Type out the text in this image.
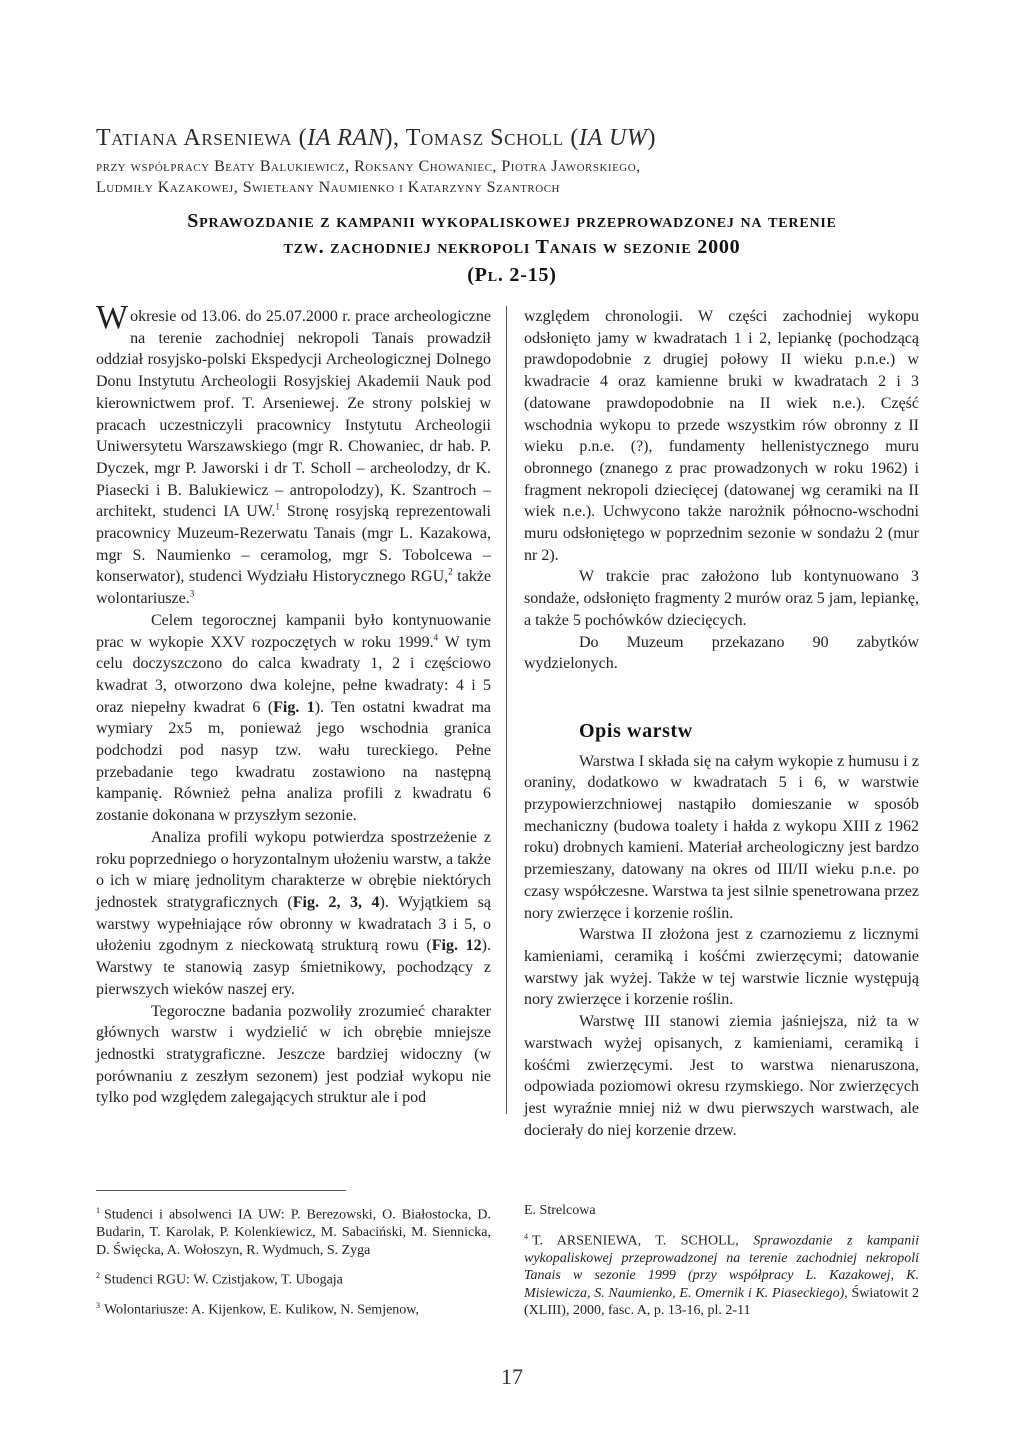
Tatiana Arseniewa (IA RAN), Tomasz Scholl (IA UW)
przy współpracy Beaty Balukiewicz, Roksany Chowaniec, Piotra Jaworskiego,
Ludmiły Kazakowej, Swietłany Naumienko i Katarzyny Szantroch
Sprawozdanie z kampanii wykopaliskowej przeprowadzonej na terenie
tzw. zachodniej nekropoli Tanais w sezonie 2000
(Pl. 2-15)

W okresie od 13.06. do 25.07.2000 r. prace archeologiczne na terenie zachodniej nekropoli Tanais prowadził oddział rosyjsko-polski Ekspedycji Archeologicznej Dolnego Donu Instytutu Archeologii Rosyjskiej Akademii Nauk pod kierownictwem prof. T. Arseniewej. Ze strony polskiej w pracach uczestniczyli pracownicy Instytutu Archeologii Uniwersytetu Warszawskiego (mgr R. Chowaniec, dr hab. P. Dyczek, mgr P. Jaworski i dr T. Scholl – archeolodzy, dr K. Piasecki i B. Balukiewicz – antropolodzy), K. Szantroch – architekt, studenci IA UW.$^1$ Stronę rosyjską reprezentowali pracownicy Muzeum-Rezerwatu Tanais (mgr L. Kazakowa, mgr S. Naumienko – ceramolog, mgr S. Tobolcewa – konserwator), studenci Wydziału Historycznego RGU,$^2$ także wolontariusze.$^3$

Celem tegorocznej kampanii było kontynuowanie prac w wykopie XXV rozpoczętych w roku 1999.$^4$ W tym celu doczyszczono do calca kwadraty 1, 2 i częściowo kwadrat 3, otworzono dwa kolejne, pełne kwadraty: 4 i 5 oraz niepełny kwadrat 6 (Fig. 1). Ten ostatni kwadrat ma wymiary 2x5 m, ponieważ jego wschodnia granica podchodzi pod nasyp tzw. wału tureckiego. Pełne przebadanie tego kwadratu zostawiono na następną kampanię. Również pełna analiza profili z kwadratu 6 zostanie dokonana w przyszłym sezonie.

Analiza profili wykopu potwierdza spostrzeżenie z roku poprzedniego o horyzontalnym ułożeniu warstw, a także o ich w miarę jednolitym charakterze w obrębie niektórych jednostek stratygraficznych (Fig. 2, 3, 4). Wyjątkiem są warstwy wypełniające rów obronny w kwadratach 3 i 5, o ułożeniu zgodnym z nieckowatą strukturą rowu (Fig. 12). Warstwy te stanowią zasyp śmietnikowy, pochodzący z pierwszych wieków naszej ery.

Tegoroczne badania pozwoliły zrozumieć charakter głównych warstw i wydzielić w ich obrębie mniejsze jednostki stratygraficzne. Jeszcze bardziej widoczny (w porównaniu z zeszłym sezonem) jest podział wykopu nie tylko pod względem zalegających struktur ale i pod

względem chronologii. W części zachodniej wykopu odsłonięto jamy w kwadratach 1 i 2, lepiankę (pochodzącą prawdopodobnie z drugiej połowy II wieku p.n.e.) w kwadracie 4 oraz kamienne bruki w kwadratach 2 i 3 (datowane prawdopodobnie na II wiek n.e.). Część wschodnia wykopu to przede wszystkim rów obronny z II wieku p.n.e. (?), fundamenty hellenistycznego muru obronnego (znanego z prac prowadzonych w roku 1962) i fragment nekropoli dziecięcej (datowanej wg ceramiki na II wiek n.e.). Uchwycono także narożnik północno-wschodni muru odsłoniętego w poprzednim sezonie w sondażu 2 (mur nr 2).

W trakcie prac założono lub kontynuowano 3 sondaże, odsłonięto fragmenty 2 murów oraz 5 jam, lepiankę, a także 5 pochówków dziecięcych.

Do Muzeum przekazano 90 zabytków wydzielonych.

Opis warstw

Warstwa I składa się na całym wykopie z humusu i z oraniny, dodatkowo w kwadratach 5 i 6, w warstwie przypowierzchniowej nastąpiło domieszanie w sposób mechaniczny (budowa toalety i hałda z wykopu XIII z 1962 roku) drobnych kamieni. Materiał archeologiczny jest bardzo przemieszany, datowany na okres od III/II wieku p.n.e. po czasy współczesne. Warstwa ta jest silnie spenetrowana przez nory zwierzęce i korzenie roślin.

Warstwa II złożona jest z czarnoziemu z licznymi kamieniami, ceramiką i kośćmi zwierzęcymi; datowanie warstwy jak wyżej. Także w tej warstwie licznie występują nory zwierzęce i korzenie roślin.

Warstwę III stanowi ziemia jaśniejsza, niż ta w warstwach wyżej opisanych, z kamieniami, ceramiką i kośćmi zwierzęcymi. Jest to warstwa nienaruszona, odpowiada poziomowi okresu rzymskiego. Nor zwierzęcych jest wyraźnie mniej niż w dwu pierwszych warstwach, ale docierały do niej korzenie drzew.

$^1$ Studenci i absolwenci IA UW: P. Berezowski, O. Białostocka, D. Budarin, T. Karolak, P. Kolenkiewicz, M. Sabaciński, M. Siennicka, D. Święcka, A. Wołoszyn, R. Wydmuch, S. Zyga

$^2$ Studenci RGU: W. Czistjakow, T. Ubogaja

$^3$ Wolontariusze: A. Kijenkow, E. Kulikow, N. Semjenow,

E. Strelcowa

$^4$ T. ARSENIEWA, T. SCHOLL, Sprawozdanie z kampanii wykopaliskowej przeprowadzonej na terenie zachodniej nekropoli Tanais w sezonie 1999 (przy współpracy L. Kazakowej, K. Misiewicza, S. Naumienko, E. Omernik i K. Piaseckiego), Światowit 2 (XLIII), 2000, fasc. A, p. 13-16, pl. 2-11

17
